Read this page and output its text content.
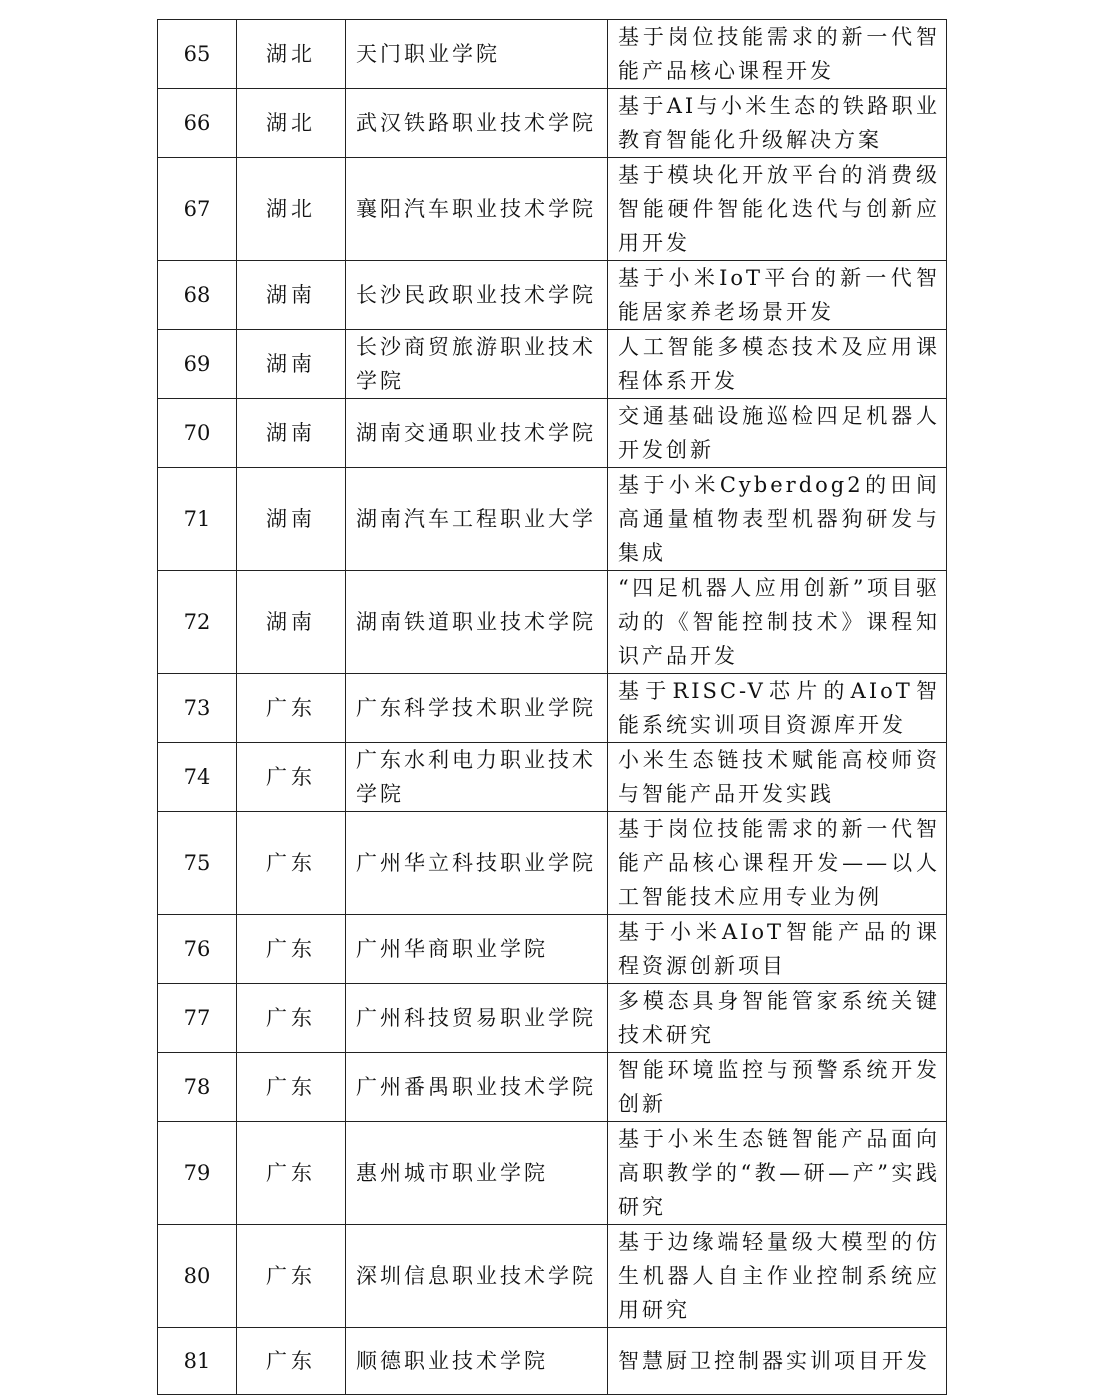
65	湖北	天门职业学院	基于岗位技能需求的新一代智能产品核心课程开发

66	湖北	武汉铁路职业技术学院	基于AI与小米生态的铁路职业教育智能化升级解决方案

67	湖北	襄阳汽车职业技术学院	基于模块化开放平台的消费级智能硬件智能化迭代与创新应用开发

68	湖南	长沙民政职业技术学院	基于小米IoT平台的新一代智能居家养老场景开发

69	湖南	长沙商贸旅游职业技术学院	人工智能多模态技术及应用课程体系开发

70	湖南	湖南交通职业技术学院	交通基础设施巡检四足机器人开发创新

71	湖南	湖南汽车工程职业大学	基于小米Cyberdog2的田间高通量植物表型机器狗研发与集成

72	湖南	湖南铁道职业技术学院	“四足机器人应用创新”项目驱动的《智能控制技术》课程知识产品开发

73	广东	广东科学技术职业学院	基于RISC-V芯片的AIoT智能系统实训项目资源库开发

74	广东	广东水利电力职业技术学院	小米生态链技术赋能高校师资与智能产品开发实践

75	广东	广州华立科技职业学院	基于岗位技能需求的新一代智能产品核心课程开发——以人工智能技术应用专业为例

76	广东	广州华商职业学院	基于小米AIoT智能产品的课程资源创新项目

77	广东	广州科技贸易职业学院	多模态具身智能管家系统关键技术研究

78	广东	广州番禺职业技术学院	智能环境监控与预警系统开发创新

79	广东	惠州城市职业学院	基于小米生态链智能产品面向高职教学的“教—研—产”实践研究

80	广东	深圳信息职业技术学院	基于边缘端轻量级大模型的仿生机器人自主作业控制系统应用研究

81	广东	顺德职业技术学院	智慧厨卫控制器实训项目开发
